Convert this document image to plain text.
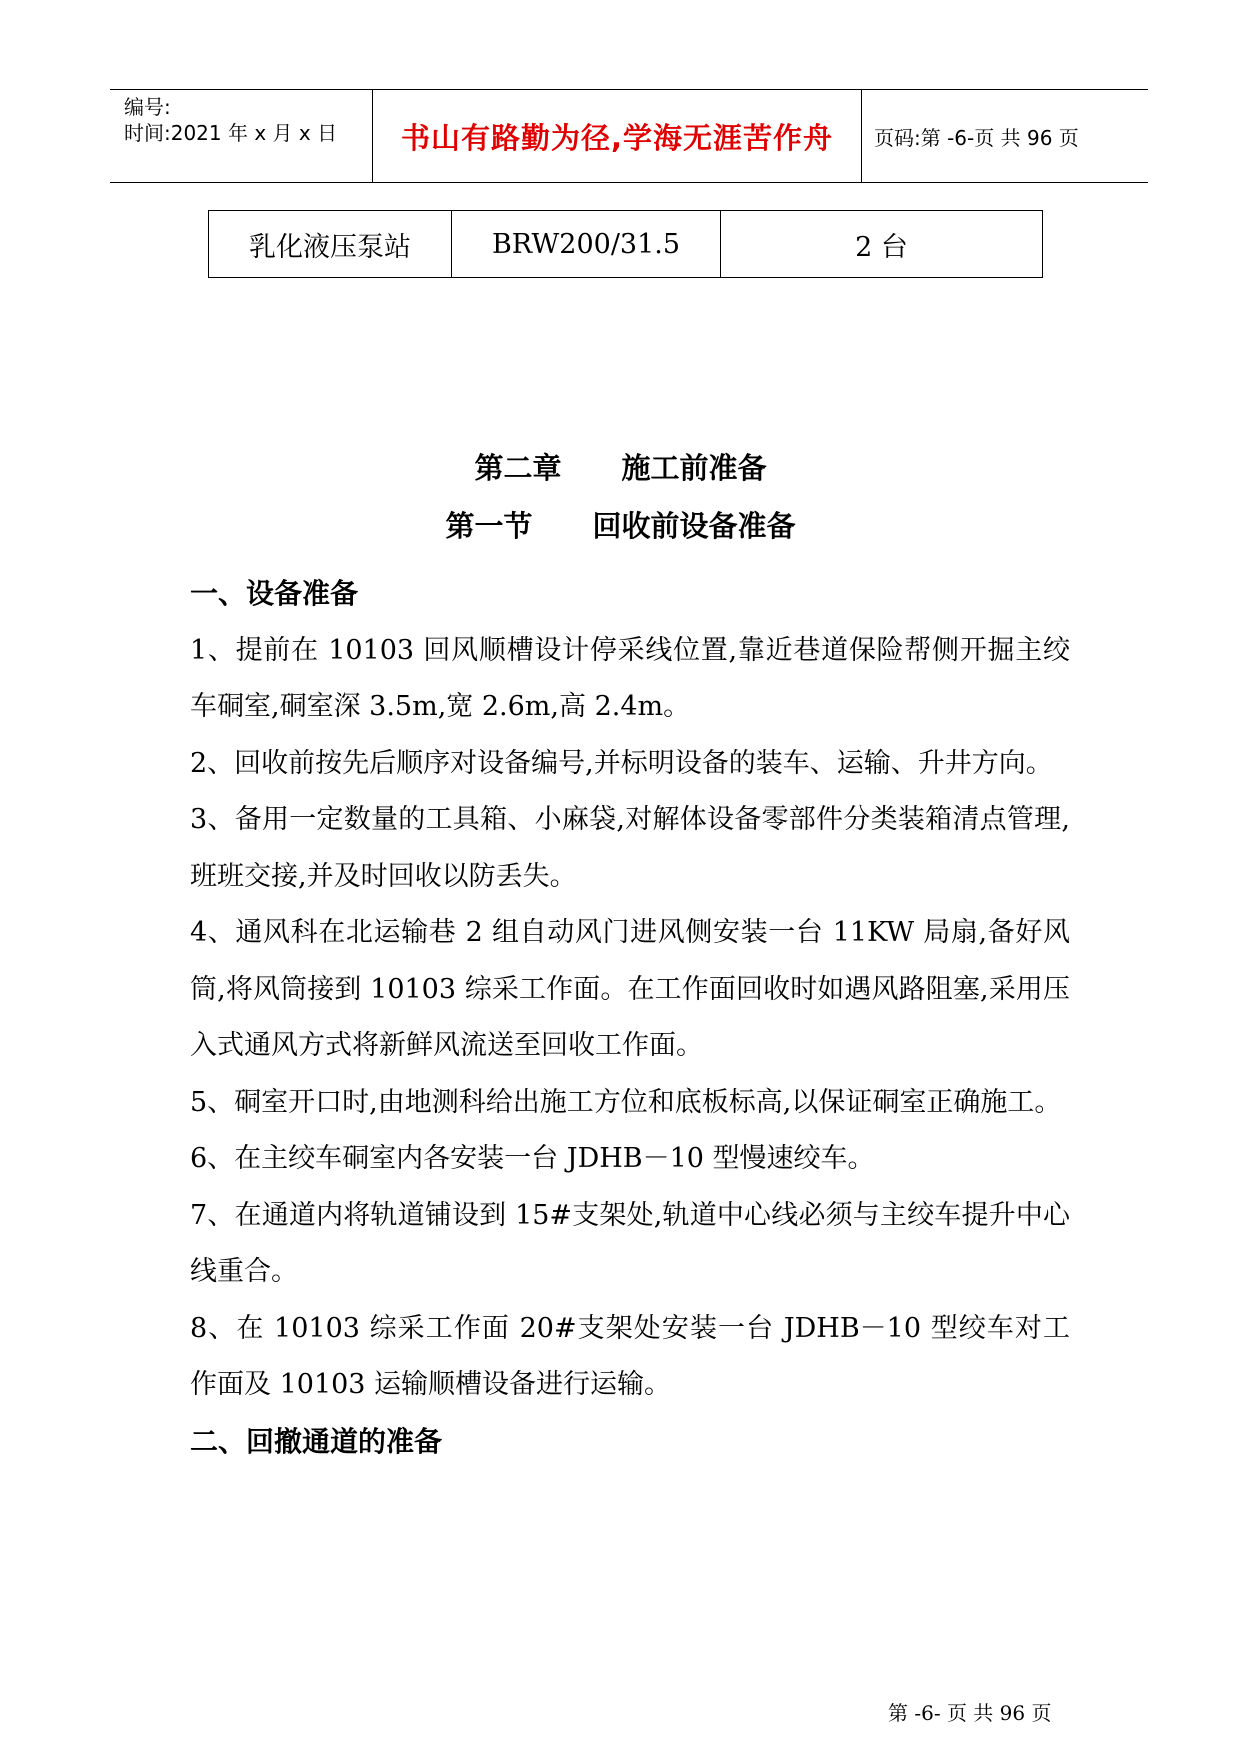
编号:
时间:2021 年 x 月 x 日	书山有路勤为径,学海无涯苦作舟	页码:第 -6-页 共 96 页
乳化液压泵站	BRW200/31.5	2 台
第二章 施工前准备
第一节 回收前设备准备

一、设备准备

1、提前在 10103 回风顺槽设计停采线位置,靠近巷道保险帮侧开掘主绞车硐室,硐室深 3.5m,宽 2.6m,高 2.4m。

2、回收前按先后顺序对设备编号,并标明设备的装车、运输、升井方向。

3、备用一定数量的工具箱、小麻袋,对解体设备零部件分类装箱清点管理,班班交接,并及时回收以防丢失。

4、通风科在北运输巷 2 组自动风门进风侧安装一台 11KW 局扇,备好风筒,将风筒接到 10103 综采工作面。在工作面回收时如遇风路阻塞,采用压入式通风方式将新鲜风流送至回收工作面。

5、硐室开口时,由地测科给出施工方位和底板标高,以保证硐室正确施工。

6、在主绞车硐室内各安装一台 JDHB－10 型慢速绞车。

7、在通道内将轨道铺设到 15#支架处,轨道中心线必须与主绞车提升中心线重合。

8、在 10103 综采工作面 20#支架处安装一台 JDHB－10 型绞车对工作面及 10103 运输顺槽设备进行运输。

二、回撤通道的准备

第 -6- 页 共 96 页
